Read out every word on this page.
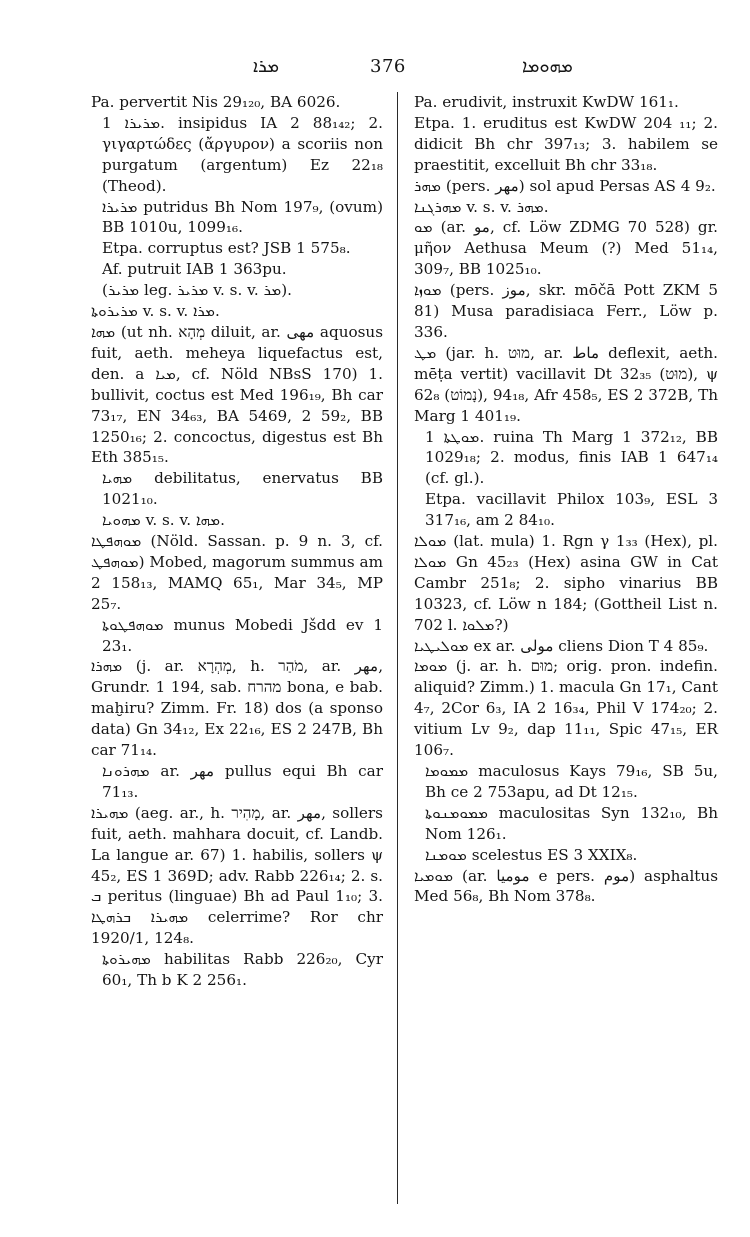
ܡܪܐ	376	ܡܗܘܡܐ

Pa. pervertit Nis 29₁₂₀, BA 6026.

ܡܪܝܪܐ 1. insipidus IA 2 88₁₄₂; 2. γιγαρτώδες (ἄργυρον) a scoriis non purgatum (argentum) Ez 22₁₈ (Theod).

ܡܪܝܪܐ putridus Bh Nom 197₉, (ovum) BB 1010u, 1099₁₆.

Etpa. corruptus est? JSB 1 575₈.

Af. putruit IAB 1 363pu.

(ܡܪܝܪ leg. ܡܪܝܪ v. s. v. ܡܪ).

ܡܪܝܪܘܬܐ v. s. v. ܡܪܐ.

ܡܗܐ (ut nh. מְהָא diluit, ar. مهى aquosus fuit, aeth. meheya liquefactus est, den. a ܡܝܐ, cf. Nöld NBsS 170) 1. bullivit, coctus est Med 196₁₉, Bh car 73₁₇, EN 34₆₃, BA 5469, 2 59₂, BB 1250₁₆; 2. concoctus, digestus est Bh Eth 385₁₅.

ܡܗܝܐ debilitatus, enervatus BB 1021₁₀.

ܡܗܘܝܐ v. s. v. ܡܗܐ.

ܡܘܗܦܛܐ (Nöld. Sassan. p. 9 n. 3, cf. ܡܘܗܦܛ) Mobed, magorum summus am 2 158₁₃, MAMQ 65₁, Mar 34₅, MP 25₇.

ܡܘܗܦܛܘܬܐ munus Mobedi Jšdd ev 1 23₁.

ܡܗܪܐ (j. ar. מְהְרָא, h. מֹהַר, ar. مهر, Grundr. 1 194, sab. מהרח bona, e bab. maḫiru? Zimm. Fr. 18) dos (a sponso data) Gn 34₁₂, Ex 22₁₆, ES 2 247B, Bh car 71₁₄.

ܡܗܪܘܢܐ ar. مهر pullus equi Bh car 71₁₃.

ܡܗܝܪܐ (aeg. ar., h. מָהִיר, ar. مهر, sollers fuit, aeth. mahhara docuit, cf. Landb. La langue ar. 67) 1. habilis, sollers ψ 45₂, ES 1 369D; adv. Rabb 226₁₄; 2. s. ܒ peritus (linguae) Bh ad Paul 1₁₀; 3. ܡܗܝܪܐ ܒܪܗܛܐ celerrime? Ror chr 1920/1, 124₈.

ܡܗܝܪܘܬܐ habilitas Rabb 226₂₀, Cyr 60₁, Th b K 2 256₁.

Pa. erudivit, instruxit KwDW 161₁.

Etpa. 1. eruditus est KwDW 204 ₁₁; 2. didicit Bh chr 397₁₃; 3. habilem se praestitit, excelluit Bh chr 33₁₈.

ܡܗܪ (pers. مهر) sol apud Persas AS 4 9₂.

ܡܗܪܓܢܐ v. s. v. ܡܗܪ.

ܡܘ (ar. مو, cf. Löw ZDMG 70 528) gr. μῆον Aethusa Meum (?) Med 51₁₄, 309₇, BB 1025₁₀.

ܡܘܙܐ (pers. موز, skr. mōčā Pott ZKM 5 81) Musa paradisiaca Ferr., Löw p. 336.

ܡܛ (jar. h. מוּט, ar. ماط deflexit, aeth. mēṭa vertit) vacillavit Dt 32₃₅ (מוּט), ψ 62₈ (נָמוֹט), 94₁₈, Afr 458₅, ES 2 372B, Th Marg 1 401₁₉.

ܡܘܛܬܐ 1. ruina Th Marg 1 372₁₂, BB 1029₁₈; 2. modus, finis IAB 1 647₁₄ (cf. gl.).

Etpa. vacillavit Philox 103₉, ESL 3 317₁₆, am 2 84₁₀.

ܡܘܠܐ (lat. mula) 1. Rgn γ 1₃₃ (Hex), pl. ܡܘܠܐ Gn 45₂₃ (Hex) asina GW in Cat Cambr 251₈; 2. sipho vinarius BB 10323, cf. Löw n 184; (Gottheil List n. 702 l. ܡܠܘܐ?)

ܡܘܠܝܛܝܐ ex ar. مولى cliens Dion T 4 85₉.

ܡܘܡܐ (j. ar. h. מוּם; orig. pron. indefin. aliquid? Zimm.) 1. macula Gn 17₁, Cant 4₇, 2Cor 6₃, IA 2 16₃₄, Phil V 174₂₀; 2. vitium Lv 9₂, dap 11₁₁, Spic 47₁₅, ER 106₇.

ܡܡܘܡܐ maculosus Kays 79₁₆, SB 5u, Bh ce 2 753apu, ad Dt 12₁₅.

ܡܡܘܡܢܘܬܐ maculositas Syn 132₁₀, Bh Nom 126₁.

ܡܘܡܢܐ scelestus ES 3 XXIX₈.

ܡܘܡܝܐ (ar. موميا e pers. موم) asphaltus Med 56₈, Bh Nom 378₈.
